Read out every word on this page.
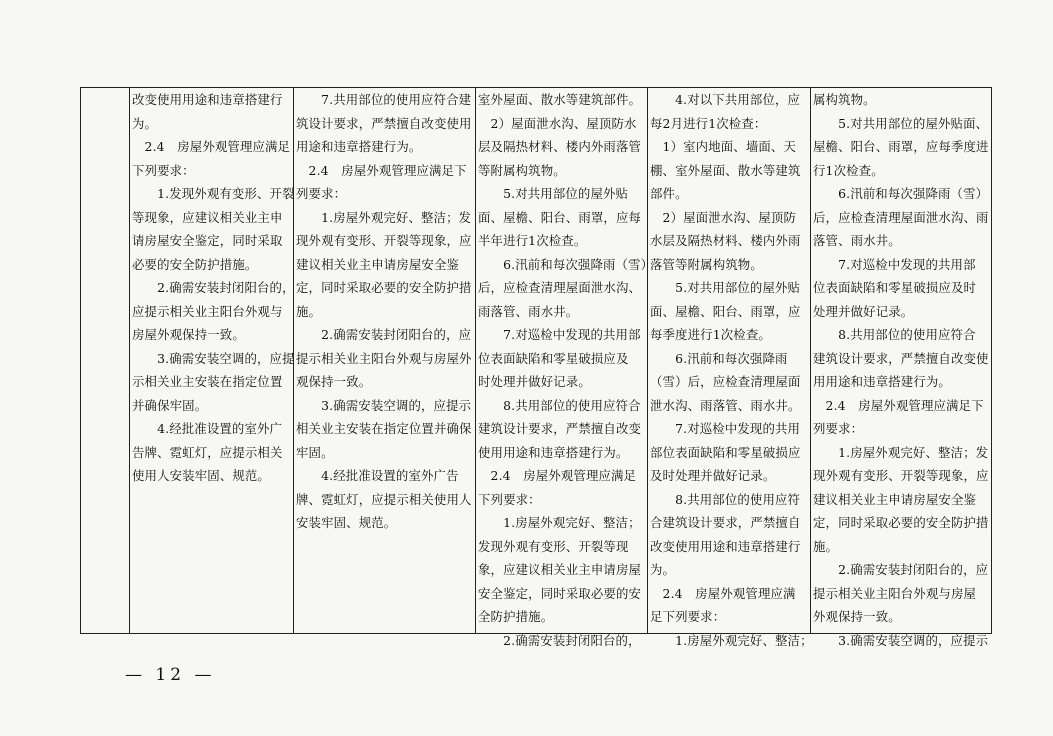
改变使用用途和违章搭建行
为。
　2.4　房屋外观管理应满足
下列要求：
　　1.发现外观有变形、开裂
等现象，应建议相关业主申
请房屋安全鉴定，同时采取
必要的安全防护措施。
　　2.确需安装封闭阳台的，
应提示相关业主阳台外观与
房屋外观保持一致。
　　3.确需安装空调的，应提
示相关业主安装在指定位置
并确保牢固。
　　4.经批准设置的室外广
告牌、霓虹灯，应提示相关
使用人安装牢固、规范。
　　7.共用部位的使用应符合建
筑设计要求，严禁擅自改变使用
用途和违章搭建行为。
　2.4　房屋外观管理应满足下
列要求：
　　1.房屋外观完好、整洁；发
现外观有变形、开裂等现象，应
建议相关业主申请房屋安全鉴
定，同时采取必要的安全防护措
施。
　　2.确需安装封闭阳台的，应
提示相关业主阳台外观与房屋外
观保持一致。
　　3.确需安装空调的，应提示
相关业主安装在指定位置并确保
牢固。
　　4.经批准设置的室外广告
牌、霓虹灯，应提示相关使用人
安装牢固、规范。
室外屋面、散水等建筑部件。
　2）屋面泄水沟、屋顶防水
层及隔热材料、楼内外雨落管
等附属构筑物。
　　5.对共用部位的屋外贴
面、屋檐、阳台、雨罩，应每
半年进行1次检查。
　　6.汛前和每次强降雨（雪）
后，应检查清理屋面泄水沟、
雨落管、雨水井。
　　7.对巡检中发现的共用部
位表面缺陷和零星破损应及
时处理并做好记录。
　　8.共用部位的使用应符合
建筑设计要求，严禁擅自改变
使用用途和违章搭建行为。
　2.4　房屋外观管理应满足
下列要求：
　　1.房屋外观完好、整洁；
发现外观有变形、开裂等现
象，应建议相关业主申请房屋
安全鉴定，同时采取必要的安
全防护措施。
　　2.确需安装封闭阳台的，
　　4.对以下共用部位，应
每2月进行1次检查：
　1）室内地面、墙面、天
棚、室外屋面、散水等建筑
部件。
　2）屋面泄水沟、屋顶防
水层及隔热材料、楼内外雨
落管等附属构筑物。
　　5.对共用部位的屋外贴
面、屋檐、阳台、雨罩，应
每季度进行1次检查。
　　6.汛前和每次强降雨
（雪）后，应检查清理屋面
泄水沟、雨落管、雨水井。
　　7.对巡检中发现的共用
部位表面缺陷和零星破损应
及时处理并做好记录。
　　8.共用部位的使用应符
合建筑设计要求，严禁擅自
改变使用用途和违章搭建行
为。
　2.4　房屋外观管理应满
足下列要求：
　　1.房屋外观完好、整洁；
属构筑物。
　　5.对共用部位的屋外贴面、
屋檐、阳台、雨罩，应每季度进
行1次检查。
　　6.汛前和每次强降雨（雪）
后，应检查清理屋面泄水沟、雨
落管、雨水井。
　　7.对巡检中发现的共用部
位表面缺陷和零星破损应及时
处理并做好记录。
　　8.共用部位的使用应符合
建筑设计要求，严禁擅自改变使
用用途和违章搭建行为。
　2.4　房屋外观管理应满足下
列要求：
　　1.房屋外观完好、整洁；发
现外观有变形、开裂等现象，应
建议相关业主申请房屋安全鉴
定，同时采取必要的安全防护措
施。
　　2.确需安装封闭阳台的，应
提示相关业主阳台外观与房屋
外观保持一致。
　　3.确需安装空调的，应提示
— 12 —
